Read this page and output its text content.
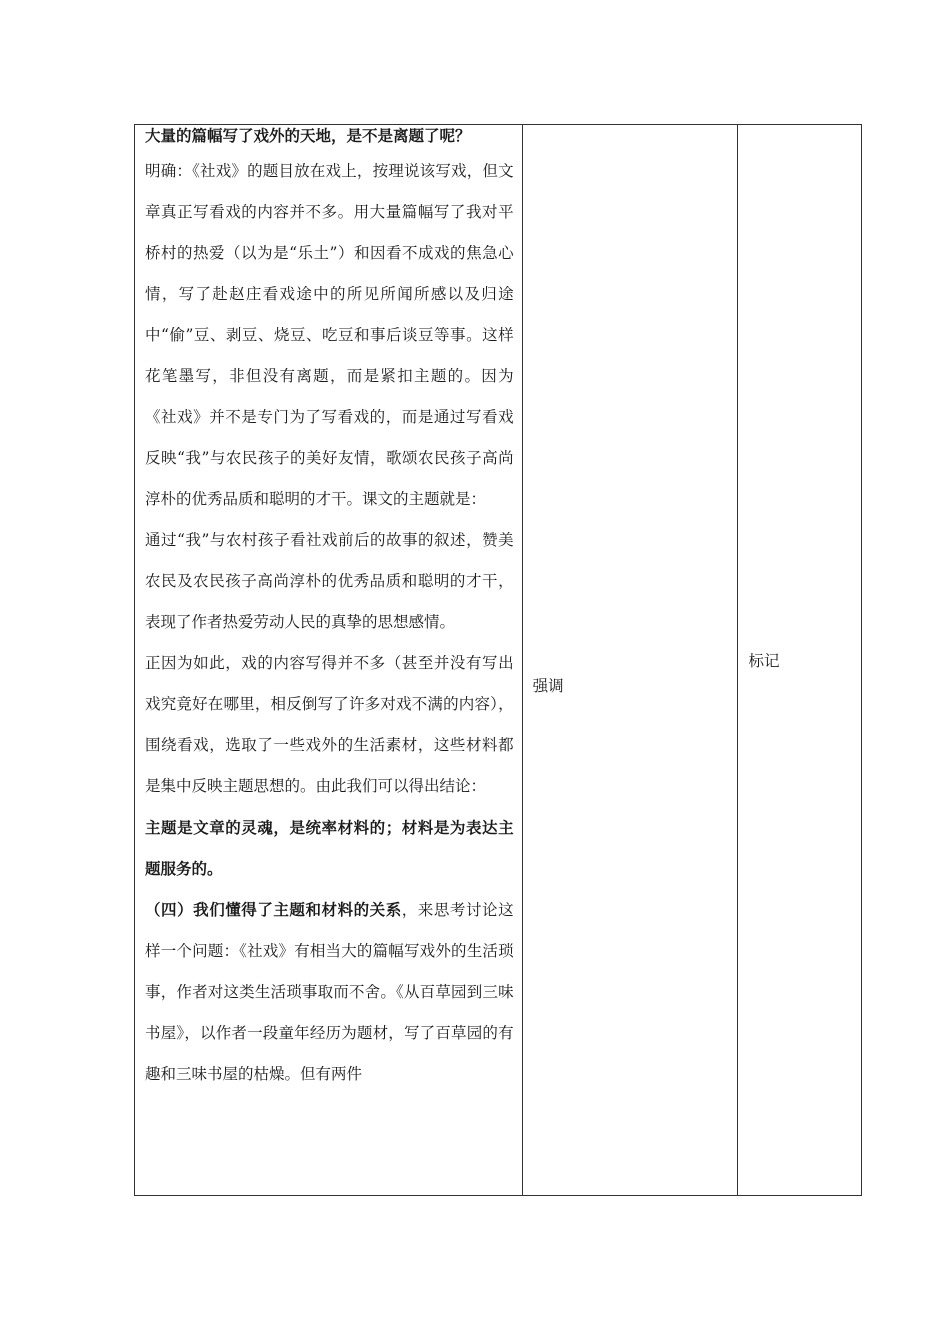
大量的篇幅写了戏外的天地，是不是离题了呢？

明确：《社戏》的题目放在戏上，按理说该写戏，但文章真正写看戏的内容并不多。用大量篇幅写了我对平桥村的热爱（以为是“乐土”）和因看不成戏的焦急心情，写了赴赵庄看戏途中的所见所闻所感以及归途中“偷”豆、剥豆、烧豆、吃豆和事后谈豆等事。这样花笔墨写，非但没有离题，而是紧扣主题的。因为《社戏》并不是专门为了写看戏的，而是通过写看戏反映“我”与农民孩子的美好友情，歌颂农民孩子高尚淳朴的优秀品质和聪明的才干。课文的主题就是：

通过“我”与农村孩子看社戏前后的故事的叙述，赞美农民及农民孩子高尚淳朴的优秀品质和聪明的才干，表现了作者热爱劳动人民的真挚的思想感情。

正因为如此，戏的内容写得并不多（甚至并没有写出戏究竟好在哪里，相反倒写了许多对戏不满的内容），围绕看戏，选取了一些戏外的生活素材，这些材料都是集中反映主题思想的。由此我们可以得出结论：

主题是文章的灵魂，是统率材料的；材料是为表达主题服务的。

（四）我们懂得了主题和材料的关系，来思考讨论这样一个问题：《社戏》有相当大的篇幅写戏外的生活琐事，作者对这类生活琐事取而不舍。《从百草园到三味书屋》，以作者一段童年经历为题材，写了百草园的有趣和三味书屋的枯燥。但有两件

	强调	标记
